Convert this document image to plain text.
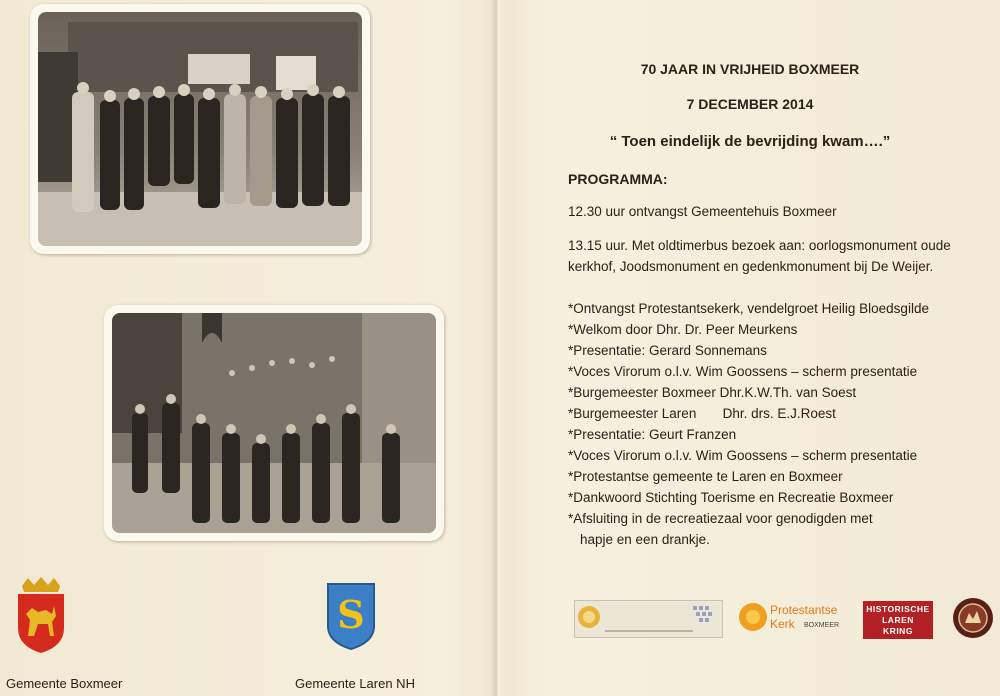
S
Gemeente Boxmeer	Gemeente Laren NH
70 JAAR IN VRIJHEID BOXMEER
7 DECEMBER 2014
“ Toen eindelijk de bevrijding kwam….”
PROGRAMMA:
12.30 uur ontvangst Gemeentehuis Boxmeer
13.15 uur. Met oldtimerbus bezoek aan: oorlogsmonument oude
kerkhof, Joodsmonument en gedenkmonument bij De Weijer.
*Ontvangst Protestantsekerk, vendelgroet Heilig Bloedsgilde
*Welkom door Dhr. Dr. Peer Meurkens
*Presentatie: Gerard Sonnemans
*Voces Virorum o.l.v. Wim Goossens – scherm presentatie
*Burgemeester Boxmeer Dhr.K.W.Th. van Soest
*Burgemeester Laren       Dhr. drs. E.J.Roest
*Presentatie: Geurt Franzen
*Voces Virorum o.l.v. Wim Goossens – scherm presentatie
*Protestantse gemeente te Laren en Boxmeer
*Dankwoord Stichting Toerisme en Recreatie Boxmeer
*Afsluiting in de recreatiezaal voor genodigden met
hapje en een drankje.
Protestantse
Kerk BOXMEER
HISTORISCHE
LAREN
KRING
